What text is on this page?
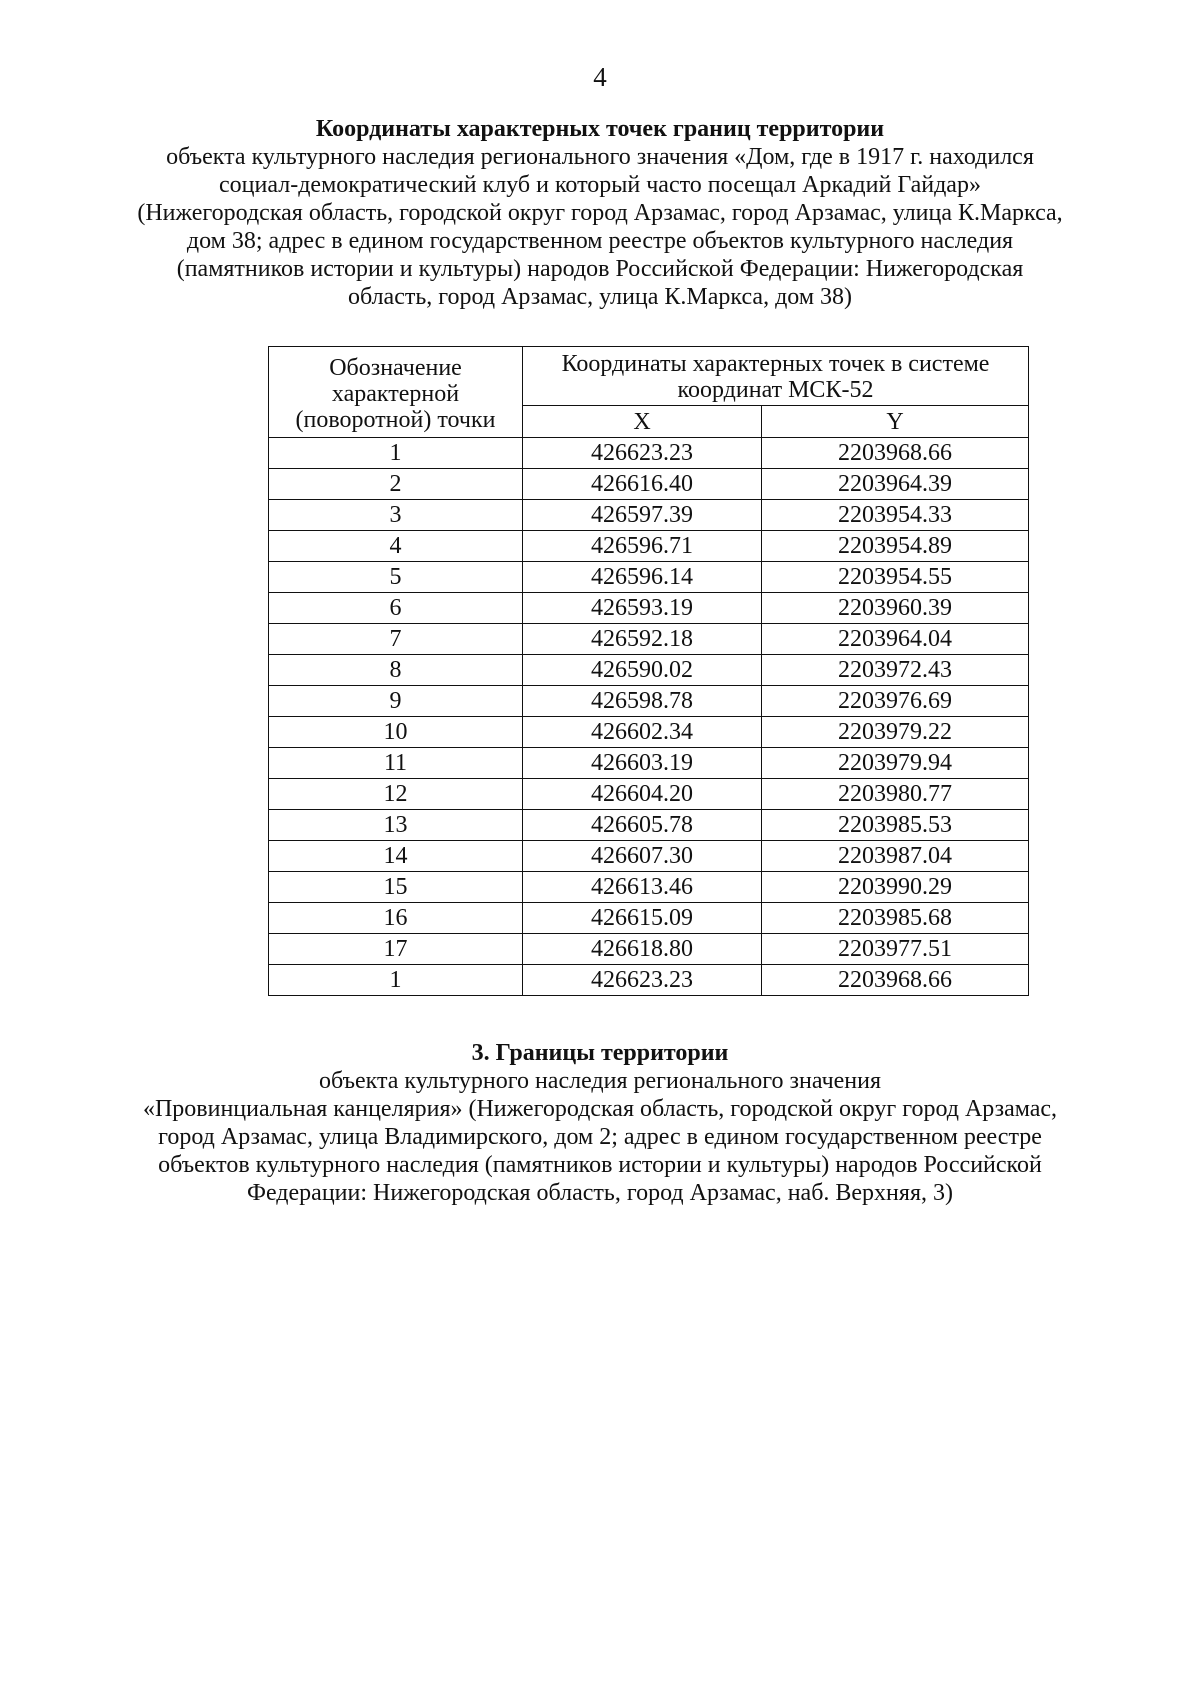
4
Координаты характерных точек границ территории
объекта культурного наследия регионального значения «Дом, где в 1917 г. находился
социал-демократический клуб и который часто посещал Аркадий Гайдар»
(Нижегородская область, городской округ город Арзамас, город Арзамас, улица К.Маркса,
дом 38; адрес в едином государственном реестре объектов культурного наследия
(памятников истории и культуры) народов Российской Федерации: Нижегородская
область, город Арзамас, улица К.Маркса, дом 38)
Обозначение характерной (поворотной) точки	Координаты характерных точек в системе координат МСК-52	
	X	Y
1	426623.23	2203968.66
2	426616.40	2203964.39
3	426597.39	2203954.33
4	426596.71	2203954.89
5	426596.14	2203954.55
6	426593.19	2203960.39
7	426592.18	2203964.04
8	426590.02	2203972.43
9	426598.78	2203976.69
10	426602.34	2203979.22
11	426603.19	2203979.94
12	426604.20	2203980.77
13	426605.78	2203985.53
14	426607.30	2203987.04
15	426613.46	2203990.29
16	426615.09	2203985.68
17	426618.80	2203977.51
1	426623.23	2203968.66
3. Границы территории
объекта культурного наследия регионального значения
«Провинциальная канцелярия» (Нижегородская область, городской округ город Арзамас,
город Арзамас, улица Владимирского, дом 2; адрес в едином государственном реестре
объектов культурного наследия (памятников истории и культуры) народов Российской
Федерации: Нижегородская область, город Арзамас, наб. Верхняя, 3)
